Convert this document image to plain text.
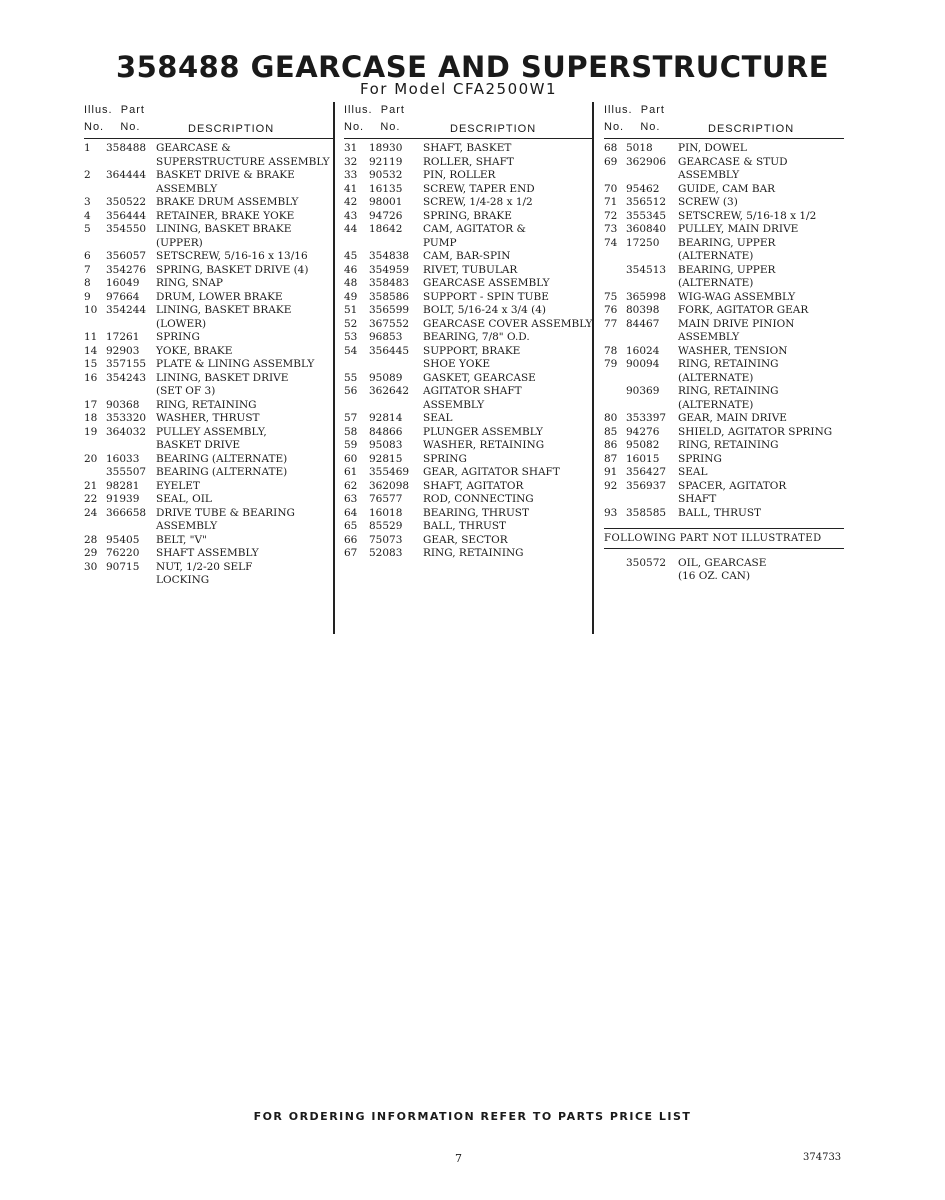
358488 GEARCASE AND SUPERSTRUCTURE
For Model CFA2500W1
Illus. Part
No. No.	DESCRIPTION
1	358488 GEARCASE &
SUPERSTRUCTURE ASSEMBLY
2	364444 BASKET DRIVE & BRAKE
ASSEMBLY
3	350522 BRAKE DRUM ASSEMBLY
4	356444 RETAINER, BRAKE YOKE
5	354550 LINING, BASKET BRAKE
(UPPER)
6	356057 SETSCREW, 5/16-16 x 13/16
7	354276 SPRING, BASKET DRIVE (4)
8	16049	RING, SNAP
9	97664	DRUM, LOWER BRAKE
10 354244 LINING, BASKET BRAKE
(LOWER)
11 17261	SPRING
14 92903	YOKE, BRAKE
15 357155 PLATE & LINING ASSEMBLY
16 354243 LINING, BASKET DRIVE
(SET OF 3)
17 90368	RING, RETAINING
18 353320 WASHER, THRUST
19 364032 PULLEY ASSEMBLY,
BASKET DRIVE
20 16033	BEARING (ALTERNATE)
355507 BEARING (ALTERNATE)
21 98281	EYELET
22 91939	SEAL, OIL
24 366658 DRIVE TUBE & BEARING
ASSEMBLY
28 95405	BELT, "V"
29 76220	SHAFT ASSEMBLY
30 90715	NUT, 1/2-20 SELF
LOCKING
Illus. Part
No. No.	DESCRIPTION
31	18930	SHAFT, BASKET
32	92119	ROLLER, SHAFT
33	90532	PIN, ROLLER
41	16135	SCREW, TAPER END
42	98001	SCREW, 1/4-28 x 1/2
43	94726	SPRING, BRAKE
44	18642	CAM, AGITATOR &
PUMP
45	354838	CAM, BAR-SPIN
46	354959	RIVET, TUBULAR
48	358483	GEARCASE ASSEMBLY
49	358586	SUPPORT - SPIN TUBE
51	356599	BOLT, 5/16-24 x 3/4 (4)
52	367552	GEARCASE COVER ASSEMBLY
53	96853	BEARING, 7/8" O.D.
54	356445	SUPPORT, BRAKE
SHOE YOKE
55	95089	GASKET, GEARCASE
56	362642	AGITATOR SHAFT
ASSEMBLY
57	92814	SEAL
58	84866	PLUNGER ASSEMBLY
59	95083	WASHER, RETAINING
60	92815	SPRING
61	355469	GEAR, AGITATOR SHAFT
62	362098	SHAFT, AGITATOR
63	76577	ROD, CONNECTING
64	16018	BEARING, THRUST
65	85529	BALL, THRUST
66	75073	GEAR, SECTOR
67	52083	RING, RETAINING
Illus. Part
No. No.	DESCRIPTION
68 5018	PIN, DOWEL
69 362906	GEARCASE & STUD
ASSEMBLY
70 95462	GUIDE, CAM BAR
71 356512	SCREW (3)
72 355345	SETSCREW, 5/16-18 x 1/2
73 360840	PULLEY, MAIN DRIVE
74 17250	BEARING, UPPER
(ALTERNATE)
354513	BEARING, UPPER
(ALTERNATE)
75 365998	WIG-WAG ASSEMBLY
76 80398	FORK, AGITATOR GEAR
77 84467	MAIN DRIVE PINION
ASSEMBLY
78 16024	WASHER, TENSION
79 90094	RING, RETAINING
(ALTERNATE)
90369	RING, RETAINING
(ALTERNATE)
80 353397	GEAR, MAIN DRIVE
85 94276	SHIELD, AGITATOR SPRING
86 95082	RING, RETAINING
87 16015	SPRING
91 356427	SEAL
92 356937	SPACER, AGITATOR
SHAFT
93 358585	BALL, THRUST
FOLLOWING PART NOT ILLUSTRATED
350572	OIL, GEARCASE
(16 OZ. CAN)
FOR ORDERING INFORMATION REFER TO PARTS PRICE LIST
7	374733
